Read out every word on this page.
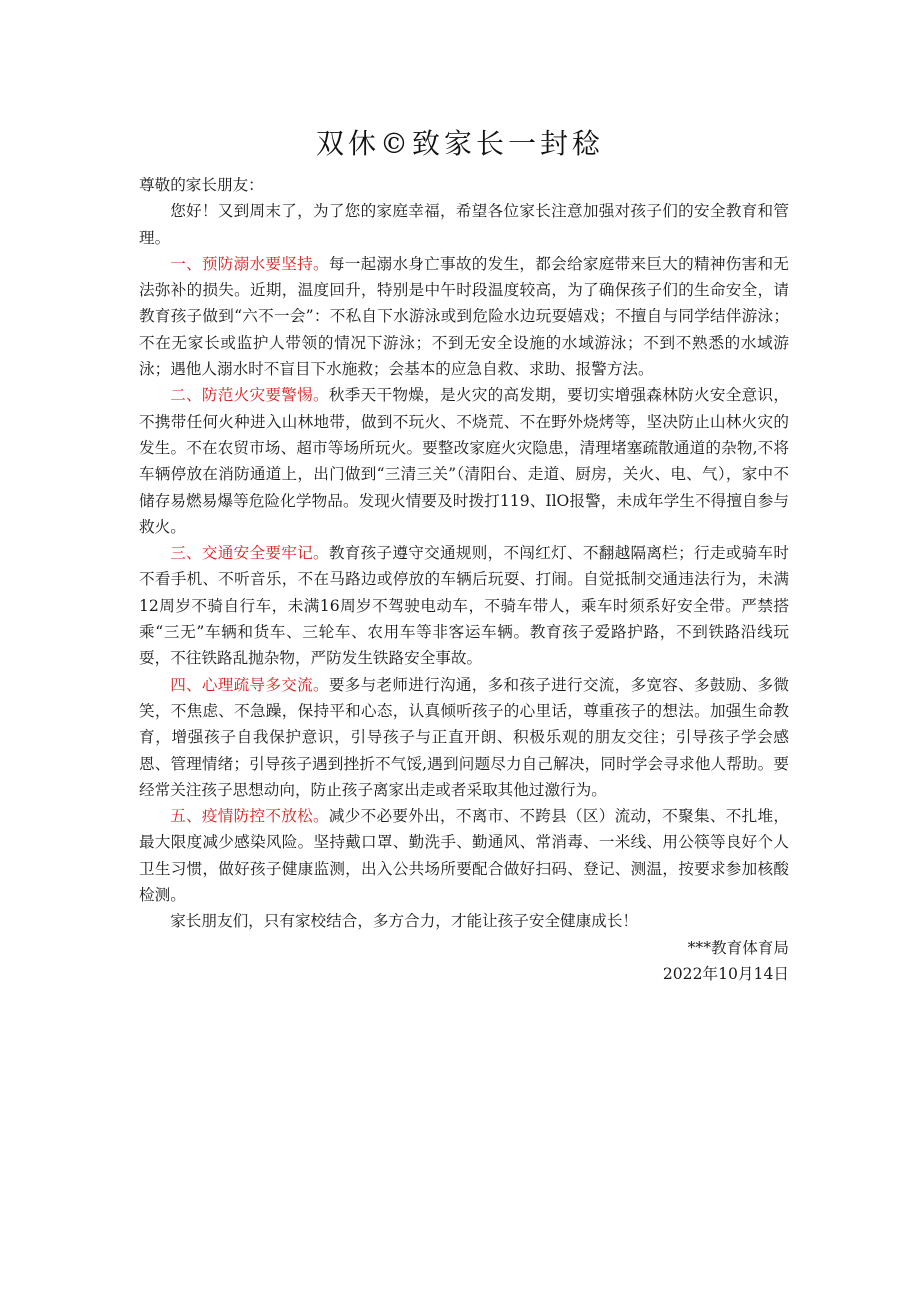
双休©致家长一封稔

尊敬的家长朋友：

您好！又到周末了，为了您的家庭幸福，希望各位家长注意加强对孩子们的安全教育和管理。

一、预防溺水要坚持。每一起溺水身亡事故的发生，都会给家庭带来巨大的精神伤害和无法弥补的损失。近期，温度回升，特别是中午时段温度较高，为了确保孩子们的生命安全，请教育孩子做到“六不一会”：不私自下水游泳或到危险水边玩耍嬉戏；不擅自与同学结伴游泳；不在无家长或监护人带领的情况下游泳；不到无安全设施的水域游泳；不到不熟悉的水域游泳；遇他人溺水时不盲目下水施救；会基本的应急自救、求助、报警方法。

二、防范火灾要警惕。秋季天干物燥，是火灾的高发期，要切实增强森林防火安全意识，不携带任何火种进入山林地带，做到不玩火、不烧荒、不在野外烧烤等，坚决防止山林火灾的发生。不在农贸市场、超市等场所玩火。要整改家庭火灾隐患，清理堵塞疏散通道的杂物,不将车辆停放在消防通道上，出门做到“三清三关”（清阳台、走道、厨房，关火、电、气），家中不储存易燃易爆等危险化学物品。发现火情要及时拨打119、IlO报警，未成年学生不得擅自参与救火。

三、交通安全要牢记。教育孩子遵守交通规则，不闯红灯、不翻越隔离栏；行走或骑车时不看手机、不听音乐，不在马路边或停放的车辆后玩耍、打闹。自觉抵制交通违法行为，未满12周岁不骑自行车，未满16周岁不驾驶电动车，不骑车带人，乘车时须系好安全带。严禁搭乘“三无”车辆和货车、三轮车、农用车等非客运车辆。教育孩子爱路护路，不到铁路沿线玩耍，不往铁路乱抛杂物，严防发生铁路安全事故。

四、心理疏导多交流。要多与老师进行沟通，多和孩子进行交流，多宽容、多鼓励、多微笑，不焦虑、不急躁，保持平和心态，认真倾听孩子的心里话，尊重孩子的想法。加强生命教育，增强孩子自我保护意识，引导孩子与正直开朗、积极乐观的朋友交往；引导孩子学会感恩、管理情绪；引导孩子遇到挫折不气馁,遇到问题尽力自己解决，同时学会寻求他人帮助。要经常关注孩子思想动向，防止孩子离家出走或者采取其他过激行为。

五、疫情防控不放松。减少不必要外出，不离市、不跨县（区）流动，不聚集、不扎堆，最大限度减少感染风险。坚持戴口罩、勤洗手、勤通风、常消毒、一米线、用公筷等良好个人卫生习惯，做好孩子健康监测，出入公共场所要配合做好扫码、登记、测温，按要求参加核酸检测。

家长朋友们，只有家校结合，多方合力，才能让孩子安全健康成长！

***教育体育局

2022年10月14日
